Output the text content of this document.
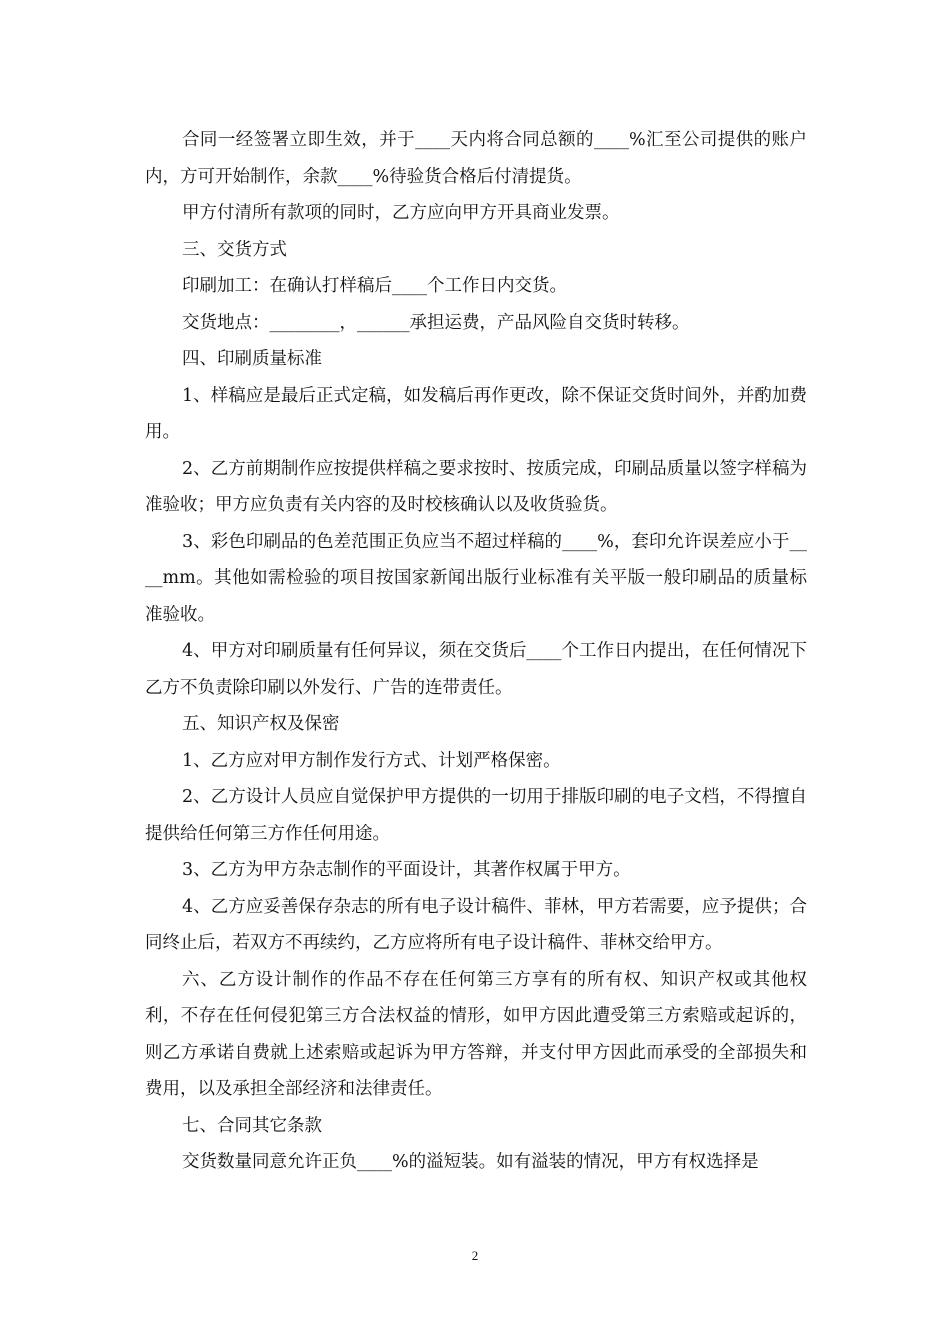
合同一经签署立即生效，并于____天内将合同总额的____%汇至公司提供的账户内，方可开始制作，余款____%待验货合格后付清提货。

甲方付清所有款项的同时，乙方应向甲方开具商业发票。

三、交货方式

印刷加工：在确认打样稿后____个工作日内交货。

交货地点：________，______承担运费，产品风险自交货时转移。

四、印刷质量标准

1、样稿应是最后正式定稿，如发稿后再作更改，除不保证交货时间外，并酌加费用。

2、乙方前期制作应按提供样稿之要求按时、按质完成，印刷品质量以签字样稿为准验收；甲方应负责有关内容的及时校核确认以及收货验货。

3、彩色印刷品的色差范围正负应当不超过样稿的____%，套印允许误差应小于____mm。其他如需检验的项目按国家新闻出版行业标准有关平版一般印刷品的质量标准验收。

4、甲方对印刷质量有任何异议，须在交货后____个工作日内提出，在任何情况下乙方不负责除印刷以外发行、广告的连带责任。

五、知识产权及保密

1、乙方应对甲方制作发行方式、计划严格保密。

2、乙方设计人员应自觉保护甲方提供的一切用于排版印刷的电子文档，不得擅自提供给任何第三方作任何用途。

3、乙方为甲方杂志制作的平面设计，其著作权属于甲方。

4、乙方应妥善保存杂志的所有电子设计稿件、菲林，甲方若需要，应予提供；合同终止后，若双方不再续约，乙方应将所有电子设计稿件、菲林交给甲方。

六、乙方设计制作的作品不存在任何第三方享有的所有权、知识产权或其他权利，不存在任何侵犯第三方合法权益的情形，如甲方因此遭受第三方索赔或起诉的，则乙方承诺自费就上述索赔或起诉为甲方答辩，并支付甲方因此而承受的全部损失和费用，以及承担全部经济和法律责任。

七、合同其它条款

交货数量同意允许正负____%的溢短装。如有溢装的情况，甲方有权选择是

2
